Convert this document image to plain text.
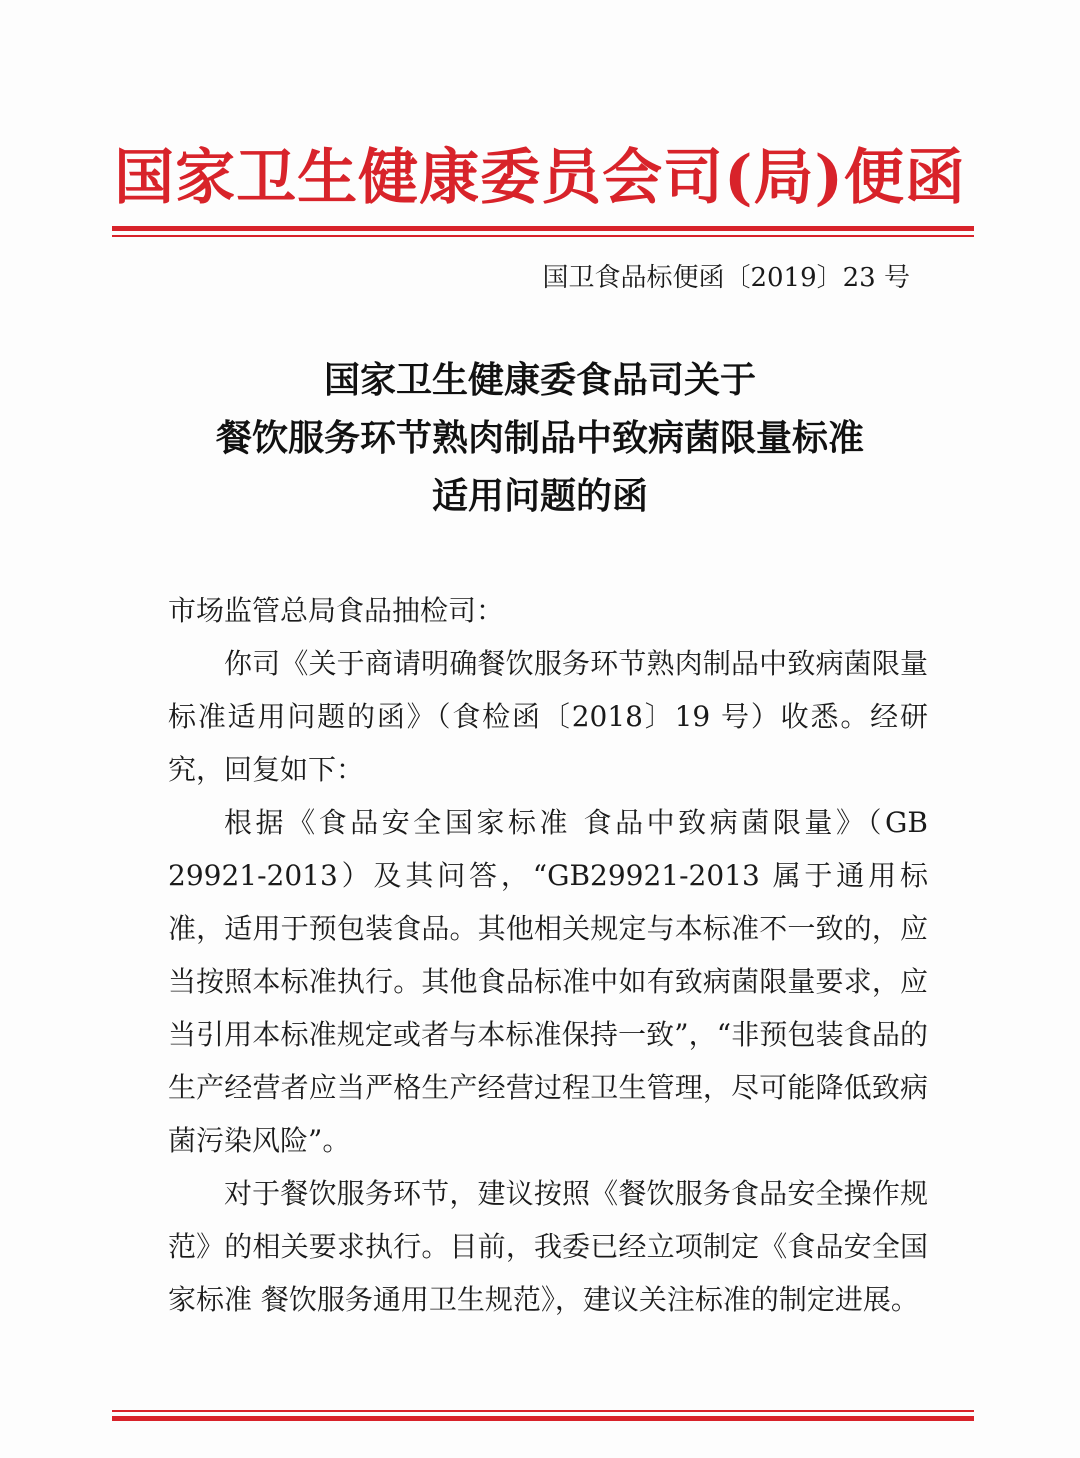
国家卫生健康委员会司(局)便函
国卫食品标便函〔2019〕23 号
国家卫生健康委食品司关于
餐饮服务环节熟肉制品中致病菌限量标准
适用问题的函

市场监管总局食品抽检司：

你司《关于商请明确餐饮服务环节熟肉制品中致病菌限量标准适用问题的函》（食检函〔2018〕19 号）收悉。经研究，回复如下：

根据《食品安全国家标准 食品中致病菌限量》（GB 29921-2013）及其问答，“GB29921-2013 属于通用标准，适用于预包装食品。其他相关规定与本标准不一致的，应当按照本标准执行。其他食品标准中如有致病菌限量要求，应当引用本标准规定或者与本标准保持一致”，“非预包装食品的生产经营者应当严格生产经营过程卫生管理，尽可能降低致病菌污染风险”。

对于餐饮服务环节，建议按照《餐饮服务食品安全操作规范》的相关要求执行。目前，我委已经立项制定《食品安全国家标准 餐饮服务通用卫生规范》，建议关注标准的制定进展。
